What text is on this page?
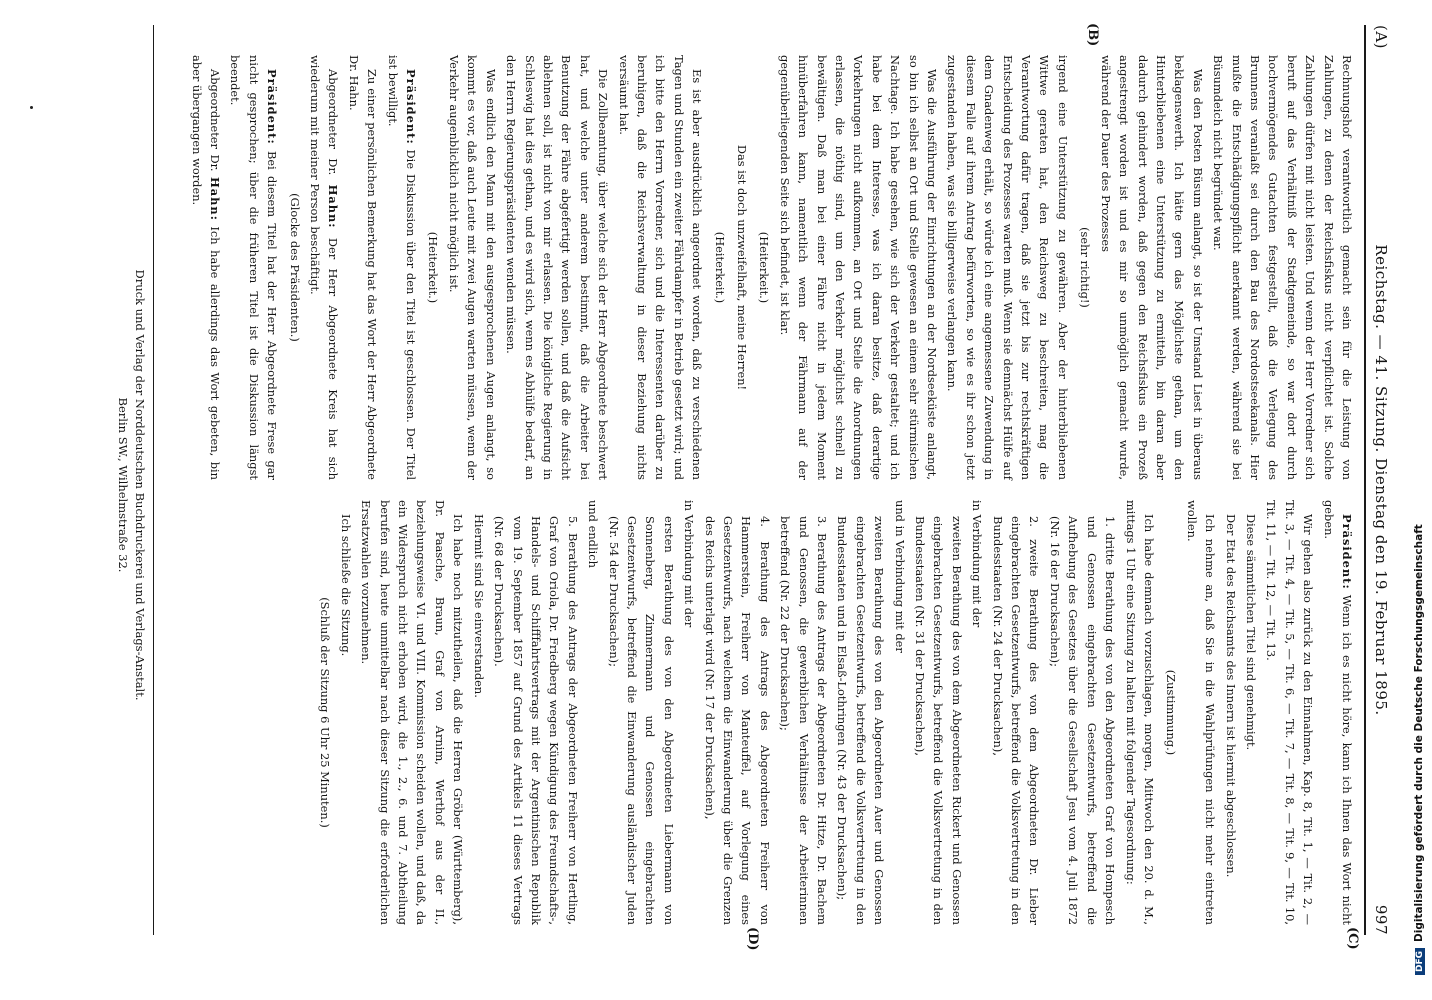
(A)
Reichstag. — 41. Sitzung. Dienstag den 19. Februar 1895.
997

Rechnungshof verantwortlich gemacht sein für die Leistung von Zahlungen, zu denen der Reichsfiskus nicht verpflichtet ist. Solche Zahlungen dürfen mit nicht leisten. Und wenn der Herr Vorredner sich beruft auf das Verhältniß der Stadtgemeinde, so war dort durch hochvermögendes Gutachten festgestellt, daß die Verlegung des Brunnens veranlaßt sei durch den Bau des Nordostseekanals. Hier mußte die Entschädigungspflicht anerkannt werden, während sie bei Büsumdeich nicht begründet war.

Was den Posten Büsum anlangt, so ist der Umstand Liest in überaus beklagenswerth. Ich hätte gern das Möglichste gethan, um den Hinterbliebenen eine Unterstützung zu ermitteln, bin daran aber dadurch gehindert worden, daß gegen den Reichsfiskus ein Prozeß angestrengt worden ist und es mir so unmöglich gemacht wurde, während der Dauer des Prozesses

(sehr richtig!)

irgend eine Unterstützung zu gewähren. Aber der hinterbliebenen Wittwe geraten hat, den Reichsweg zu beschreiten, mag die Verantwortung dafür tragen, daß sie jetzt bis zur rechtskräftigen Entscheidung des Prozesses warten muß. Wenn sie demnächst Hülfe auf dem Gnadenweg erhält, so würde ich eine angemessene Zuwendung in diesem Falle auf ihrem Antrag befürworten, so wie es ihr schon jetzt zugestanden haben, was sie billigerweise verlangen kann.

Was die Ausführung der Einrichtungen an der Nordseeküste anlangt, so bin ich selbst an Ort und Stelle gewesen an einem sehr stürmischen Nachtage. Ich habe gesehen, wie sich der Verkehr gestaltet; und ich habe bei dem Interesse, was ich daran besitze, daß derartige Vorkehrungen nicht aufkommen, an Ort und Stelle die Anordnungen erlassen, die nöthig sind, um den Verkehr möglichst schnell zu bewältigen. Daß man bei einer Fähre nicht in jedem Moment hinüberfahren kann, namentlich wenn der Fährmann auf der gegenüberliegenden Seite sich befindet, ist klar.

(Heiterkeit.)

Das ist doch unzweifelhaft, meine Herren!

(Heiterkeit.)

Es ist aber ausdrücklich angeordnet worden, daß zu verschiedenen Tagen und Stunden ein zweiter Fährdampfer in Betrieb gesetzt wird; und ich bitte den Herrn Vorredner, sich und die Interessenten darüber zu beruhigen, daß die Reichsverwaltung in dieser Beziehung nichts versäumt hat.

Die Zollbeamtung, über welche sich der Herr Abgeordnete beschwert hat, und welche unter anderem bestimmt, daß die Arbeiter bei Benutzung der Fähre abgefertigt werden sollen, und daß die Aufsicht ablehnen soll, ist nicht von mir erlassen. Die königliche Regierung in Schleswig hat dies gethan, und es wird sich, wenn es Abhülfe bedarf, an den Herrn Regierungspräsidenten wenden müssen.

Was endlich den Mann mit den ausgesprochenen Augen anlangt, so kommt es vor, daß auch Leute mit zwei Augen warten müssen, wenn der Verkehr augenblicklich nicht möglich ist.

(Heiterkeit.)

Präsident: Die Diskussion über den Titel ist geschlossen. Der Titel ist bewilligt.

Zu einer persönlichen Bemerkung hat das Wort der Herr Abgeordnete Dr. Hahn.

Abgeordneter Dr. Hahn: Der Herr Abgeordnete Kreis hat sich wiederum mit meiner Person beschäftigt.

(Glocke des Präsidenten.)

Präsident: Bei diesem Titel hat der Herr Abgeordnete Frese gar nicht gesprochen; über die früheren Titel ist die Diskussion längst beendet.

Abgeordneter Dr. Hahn: Ich habe allerdings das Wort gebeten, bin aber übergangen worden.

Präsident: Wenn ich es nicht höre, kann ich Ihnen das Wort nicht geben.

Wir gehen also zurück zu den Einnahmen, Kap. 8, Tit. 1, — Tit. 2, — Tit. 3, — Tit. 4, — Tit. 5, — Tit. 6, — Tit. 7, — Tit. 8, — Tit. 9, — Tit. 10, Tit. 11, — Tit. 12, — Tit. 13.

Diese sämmtlichen Titel sind genehmigt.

Der Etat des Reichsamts des Innern ist hiermit abgeschlossen.

Ich nehme an, daß Sie in die Wahlprüfungen nicht mehr eintreten wollen.

(Zustimmung.)

Ich habe demnach vorzuschlagen, morgen, Mittwoch den 20. d. M., mittags 1 Uhr eine Sitzung zu halten mit folgender Tagesordnung:

1. dritte Berathung des von den Abgeordneten Graf von Hompesch und Genossen eingebrachten Gesetzentwurfs, betreffend die Aufhebung des Gesetzes über die Gesellschaft Jesu vom 4. Juli 1872 (Nr. 16 der Drucksachen);

2. zweite Berathung des von dem Abgeordneten Dr. Lieber eingebrachten Gesetzentwurfs, betreffend die Volksvertretung in den Bundesstaaten (Nr. 24 der Drucksachen),

in Verbindung mit der

zweiten Berathung des von dem Abgeordneten Rickert und Genossen eingebrachten Gesetzentwurfs, betreffend die Volksvertretung in den Bundesstaaten (Nr. 31 der Drucksachen),

und in Verbindung mit der

zweiten Berathung des von den Abgeordneten Auer und Genossen eingebrachten Gesetzentwurfs, betreffend die Volksvertretung in den Bundesstaaten und in Elsaß-Lothringen (Nr. 43 der Drucksachen);

3. Berathung des Antrags der Abgeordneten Dr. Hitze, Dr. Bachem und Genossen, die gewerblichen Verhältnisse der Arbeiterinnen betreffend (Nr. 22 der Drucksachen);

4. Berathung des Antrags des Abgeordneten Freiherr von Hammerstein, Freiherr von Manteuffel, auf Vorlegung eines Gesetzentwurfs, nach welchem die Einwanderung über die Grenzen des Reichs unterlagt wird (Nr. 17 der Drucksachen),

in Verbindung mit der

ersten Berathung des von den Abgeordneten Liebermann von Sonnenberg, Zimmermann und Genossen eingebrachten Gesetzentwurfs, betreffend die Einwanderung ausländischer Juden (Nr. 54 der Drucksachen);

und endlich

5. Berathung des Antrags der Abgeordneten Freiherr von Hertling, Graf von Oriola, Dr. Friedberg wegen Kündigung des Freundschafts-, Handels- und Schifffahrtsvertrags mit der Argentinischen Republik vom 19. September 1857 auf Grund des Artikels 11 dieses Vertrags (Nr. 68 der Drucksachen).

Hiermit sind Sie einverstanden.

Ich habe noch mitzutheilen, daß die Herren Gröber (Württemberg), Dr. Paasche, Braun, Graf von Arnim, Werthof aus der II., beziehungsweise VI. und VIII. Kommission scheiden wollen, und daß, da ein Widerspruch nicht erhoben wird, die 1., 2., 6. und 7. Abtheilung berufen sind, heute unmittelbar nach dieser Sitzung die erforderlichen Ersatzwahlen vorzunehmen.

Ich schließe die Sitzung.

(Schluß der Sitzung 6 Uhr 25 Minuten.)

(B)
(C)
(D)
Druck und Verlag der Norddeutschen Buchdruckerei und Verlags-Anstalt.
Berlin SW., Wilhelmstraße 32.
DFGDigitalisierung gefördert durch die Deutsche Forschungsgemeinschaft
